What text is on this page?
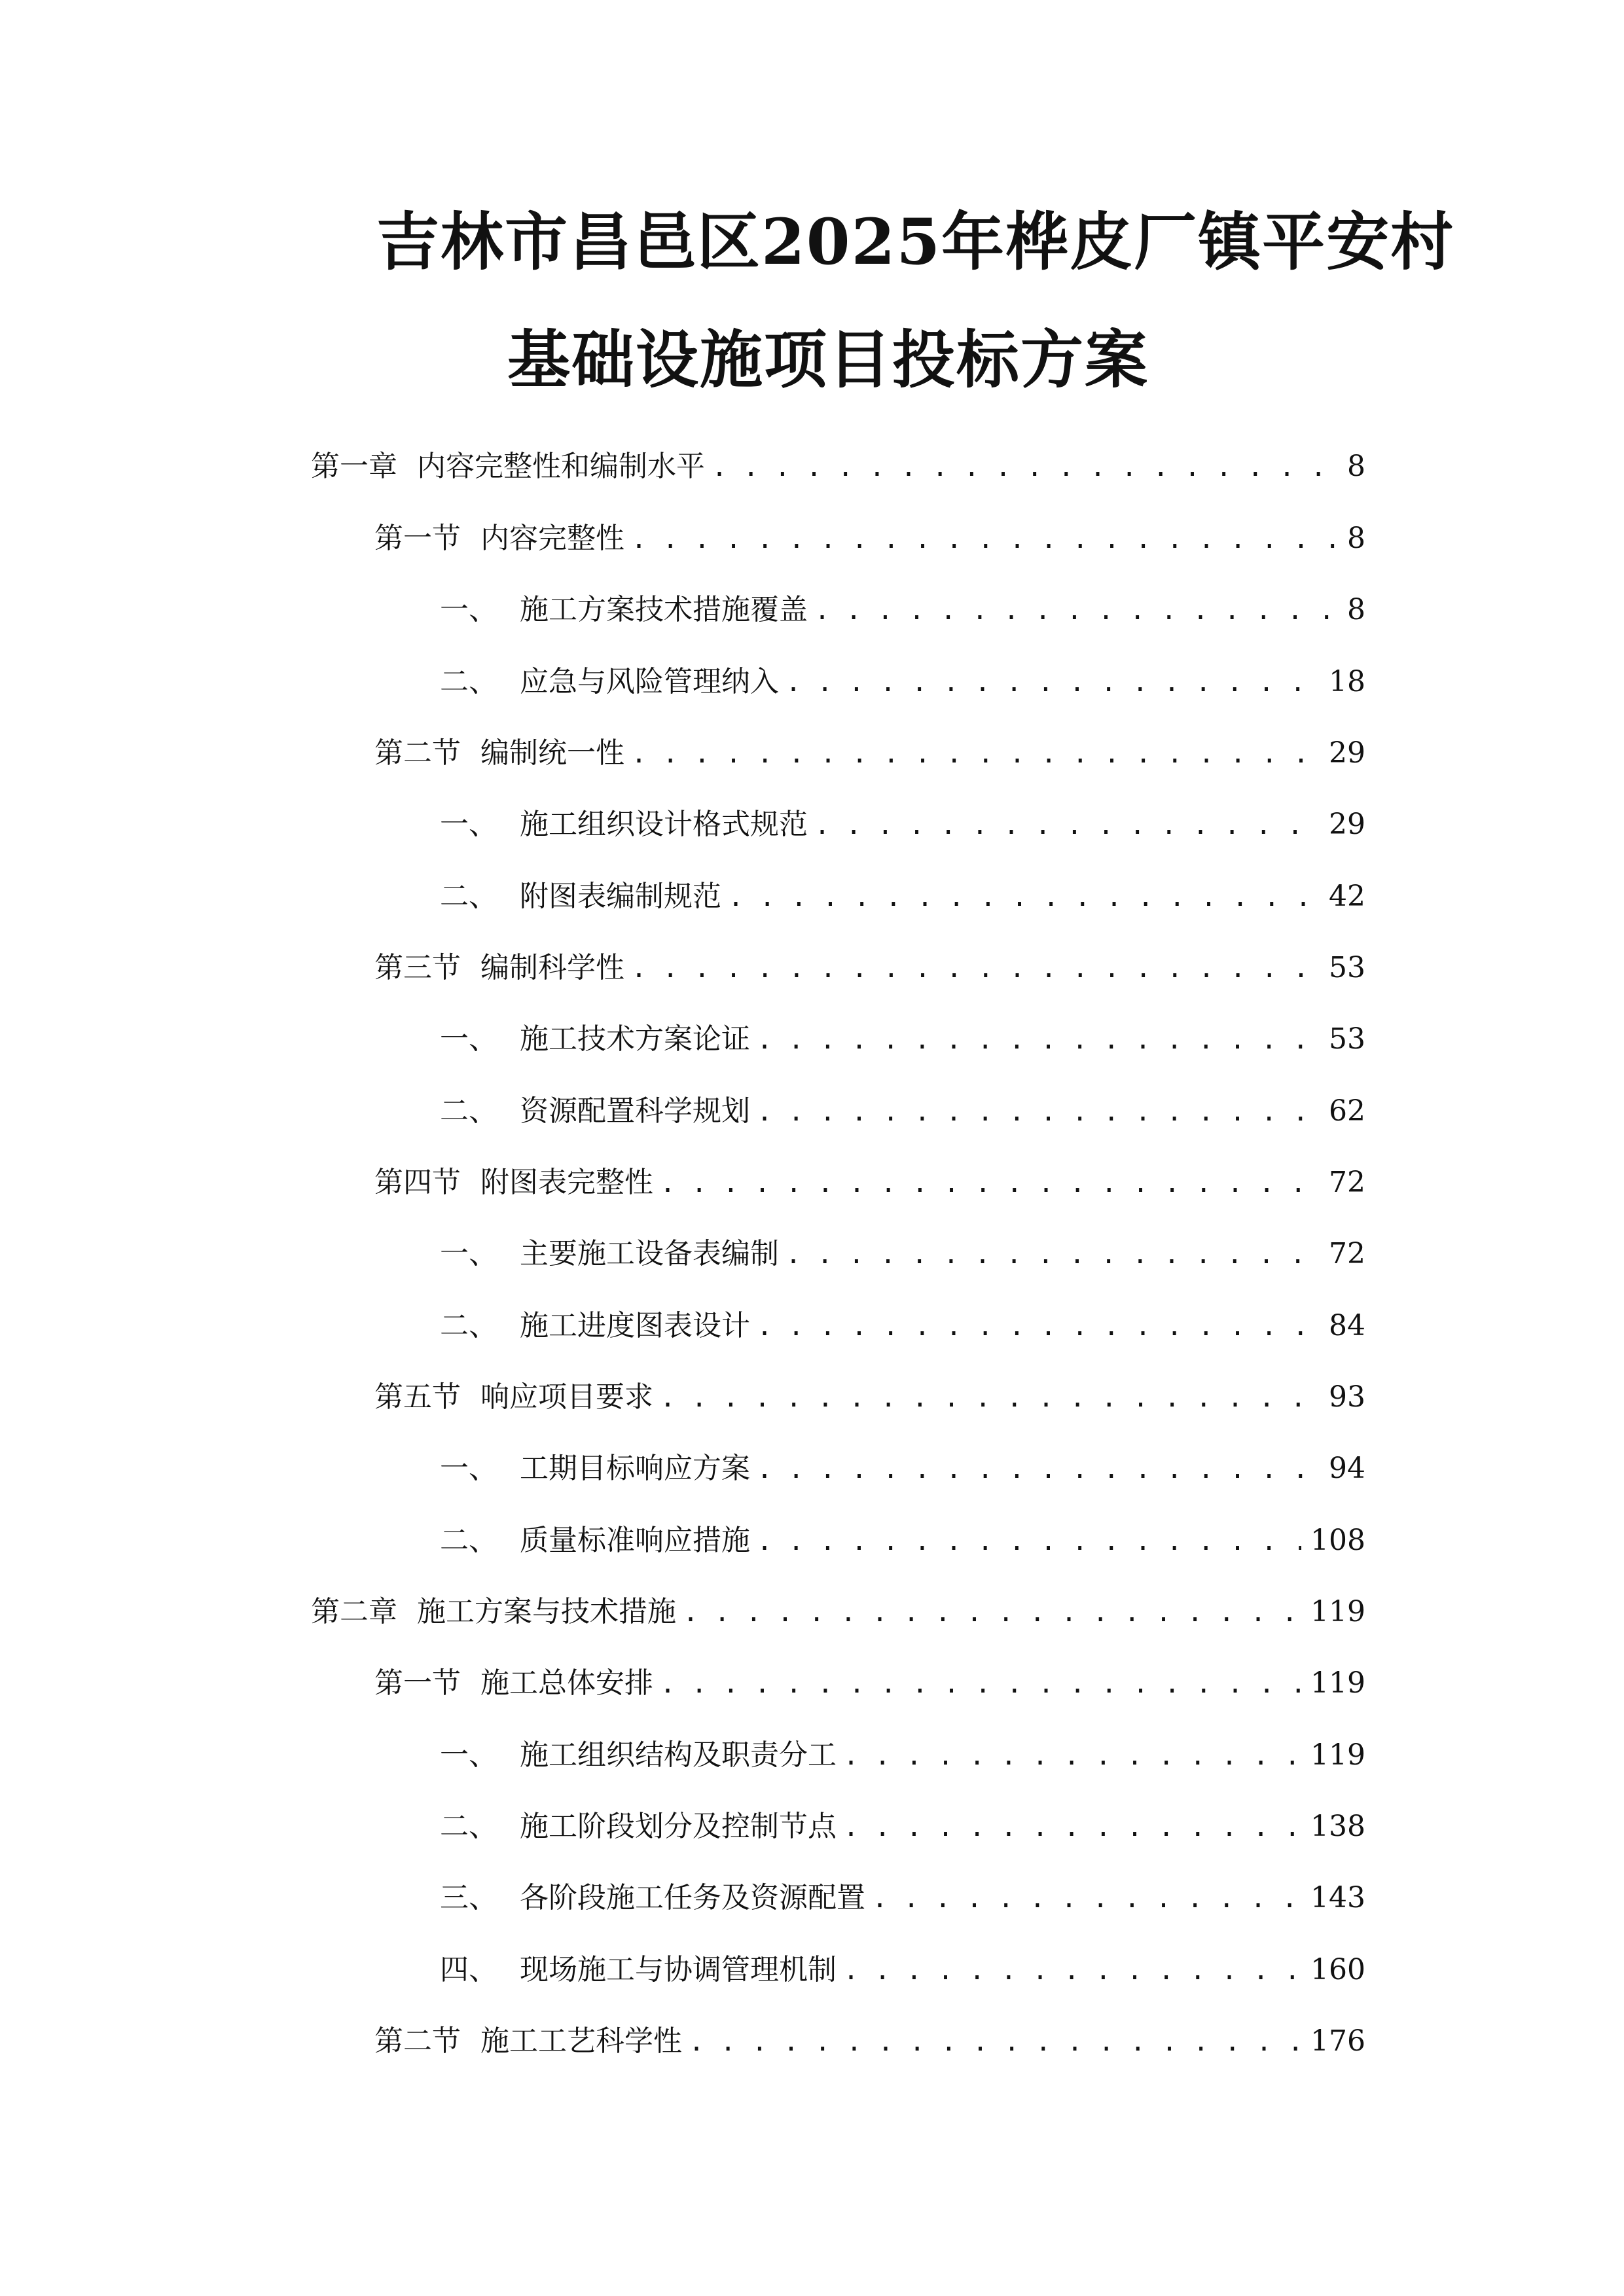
吉林市昌邑区2025年桦皮厂镇平安村
基础设施项目投标方案
第一章 内容完整性和编制水平 . . .	8
第一节 内容完整性 . . .	8
一、 施工方案技术措施覆盖 . . .	8
二、 应急与风险管理纳入 . . .	18
第二节 编制统一性 . . .	29
一、 施工组织设计格式规范 . . .	29
二、 附图表编制规范 . . .	42
第三节 编制科学性 . . .	53
一、 施工技术方案论证 . . .	53
二、 资源配置科学规划 . . .	62
第四节 附图表完整性 . . .	72
一、 主要施工设备表编制 . . .	72
二、 施工进度图表设计 . . .	84
第五节 响应项目要求 . . .	93
一、 工期目标响应方案 . . .	94
二、 质量标准响应措施 . . .	108
第二章 施工方案与技术措施 . . .	119
第一节 施工总体安排 . . .	119
一、 施工组织结构及职责分工 . . .	119
二、 施工阶段划分及控制节点 . . .	138
三、 各阶段施工任务及资源配置 . . .	143
四、 现场施工与协调管理机制 . . .	160
第二节 施工工艺科学性 . . .	176
